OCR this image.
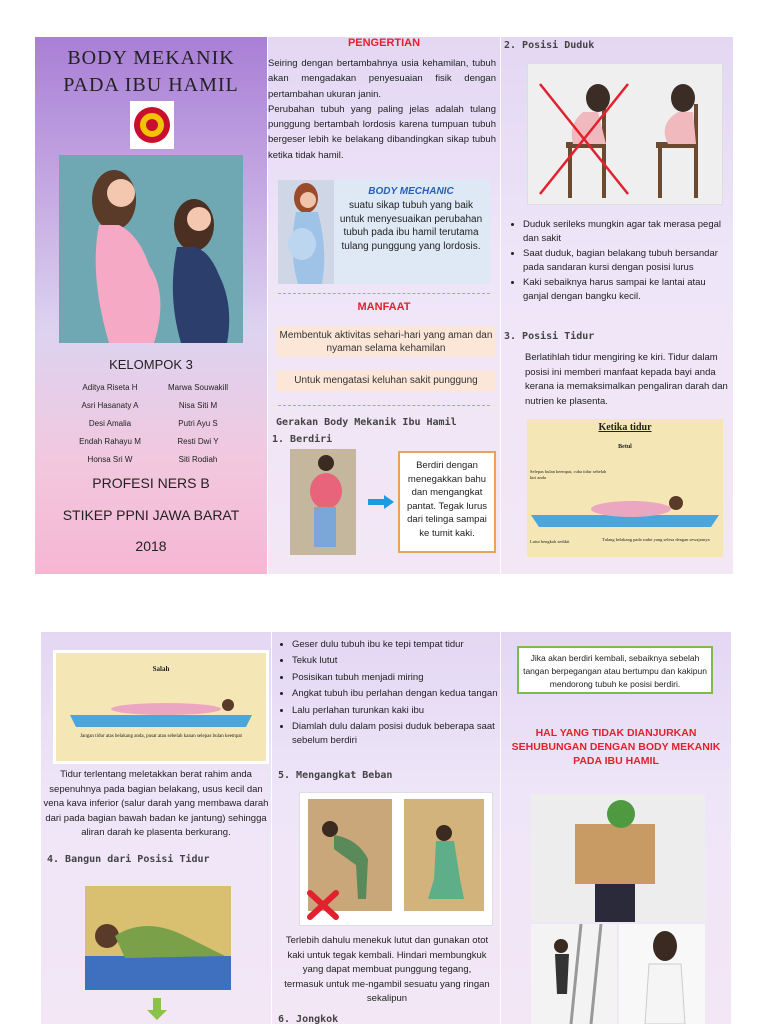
BODY MEKANIK
PADA IBU HAMIL
KELOMPOK 3
Aditya Riseta H
Asri Hasanaty A
Desi Amalia
Endah Rahayu M
Honsa Sri W
Marwa Souwakill
Nisa Siti M
Putri Ayu S
Resti Dwi Y
Siti Rodiah
PROFESI NERS B
STIKEP PPNI JAWA BARAT
2018
PENGERTIAN
Seiring dengan bertambahnya usia kehamilan, tubuh akan mengadakan penyesuaian fisik dengan pertambahan ukuran janin.
Perubahan tubuh yang paling jelas adalah tulang punggung bertambah lordosis karena tumpuan tubuh bergeser lebih ke belakang dibandingkan sikap tubuh ketika tidak hamil.
BODY MECHANIC
suatu sikap tubuh yang baik untuk menyesuaikan perubahan tubuh pada ibu hamil terutama tulang punggung yang lordosis.
MANFAAT
Membentuk aktivitas sehari-hari yang aman dan nyaman selama kehamilan
Untuk mengatasi keluhan sakit punggung
Gerakan Body Mekanik Ibu Hamil
1. Berdiri
Berdiri dengan menegakkan bahu dan mengangkat pantat. Tegak lurus dari telinga sampai ke tumit kaki.
2. Posisi Duduk
• Duduk serileks mungkin agar tak merasa pegal dan sakit
• Saat duduk, bagian belakang tubuh bersandar pada sandaran kursi dengan posisi lurus
• Kaki sebaiknya harus sampai ke lantai atau ganjal dengan bangku kecil.
3. Posisi Tidur
Berlatihlah tidur mengiring ke kiri. Tidur dalam posisi ini memberi manfaat kepada bayi anda kerana ia memaksimalkan pengaliran darah dan nutrien ke plasenta.
Ketika tidur
Betul
Selepas bulan keempat, cuba tidur sebelah kiri anda
Lutut bengkok sedikit	Tulang belakang pada sudut yang selesa dengan sewajarnya
Salah
Jangan tidur atas belakang anda, pusat atau sebelah kanan selepas bulan keempat
Tidur terlentang meletakkan berat rahim anda sepenuhnya pada bagian belakang, usus kecil dan vena kava inferior (salur darah yang membawa darah dari pada bagian bawah badan ke jantung) sehingga aliran darah ke plasenta berkurang.
4. Bangun dari Posisi Tidur
• Geser dulu tubuh ibu ke tepi tempat tidur
• Tekuk lutut
• Posisikan tubuh menjadi miring
• Angkat tubuh ibu perlahan dengan kedua tangan
• Lalu perlahan turunkan kaki ibu
• Diamlah dulu dalam posisi duduk beberapa saat sebelum berdiri
5. Mengangkat Beban
Terlebih dahulu menekuk lutut dan gunakan otot kaki untuk tegak kembali. Hindari membungkuk yang dapat membuat punggung tegang, termasuk untuk me-ngambil sesuatu yang ringan sekalipun
6. Jongkok
Jika akan berdiri kembali, sebaiknya sebelah tangan berpegangan atau bertumpu dan kakipun mendorong tubuh ke posisi berdiri.
HAL YANG TIDAK DIANJURKAN SEHUBUNGAN DENGAN BODY MEKANIK PADA IBU HAMIL
